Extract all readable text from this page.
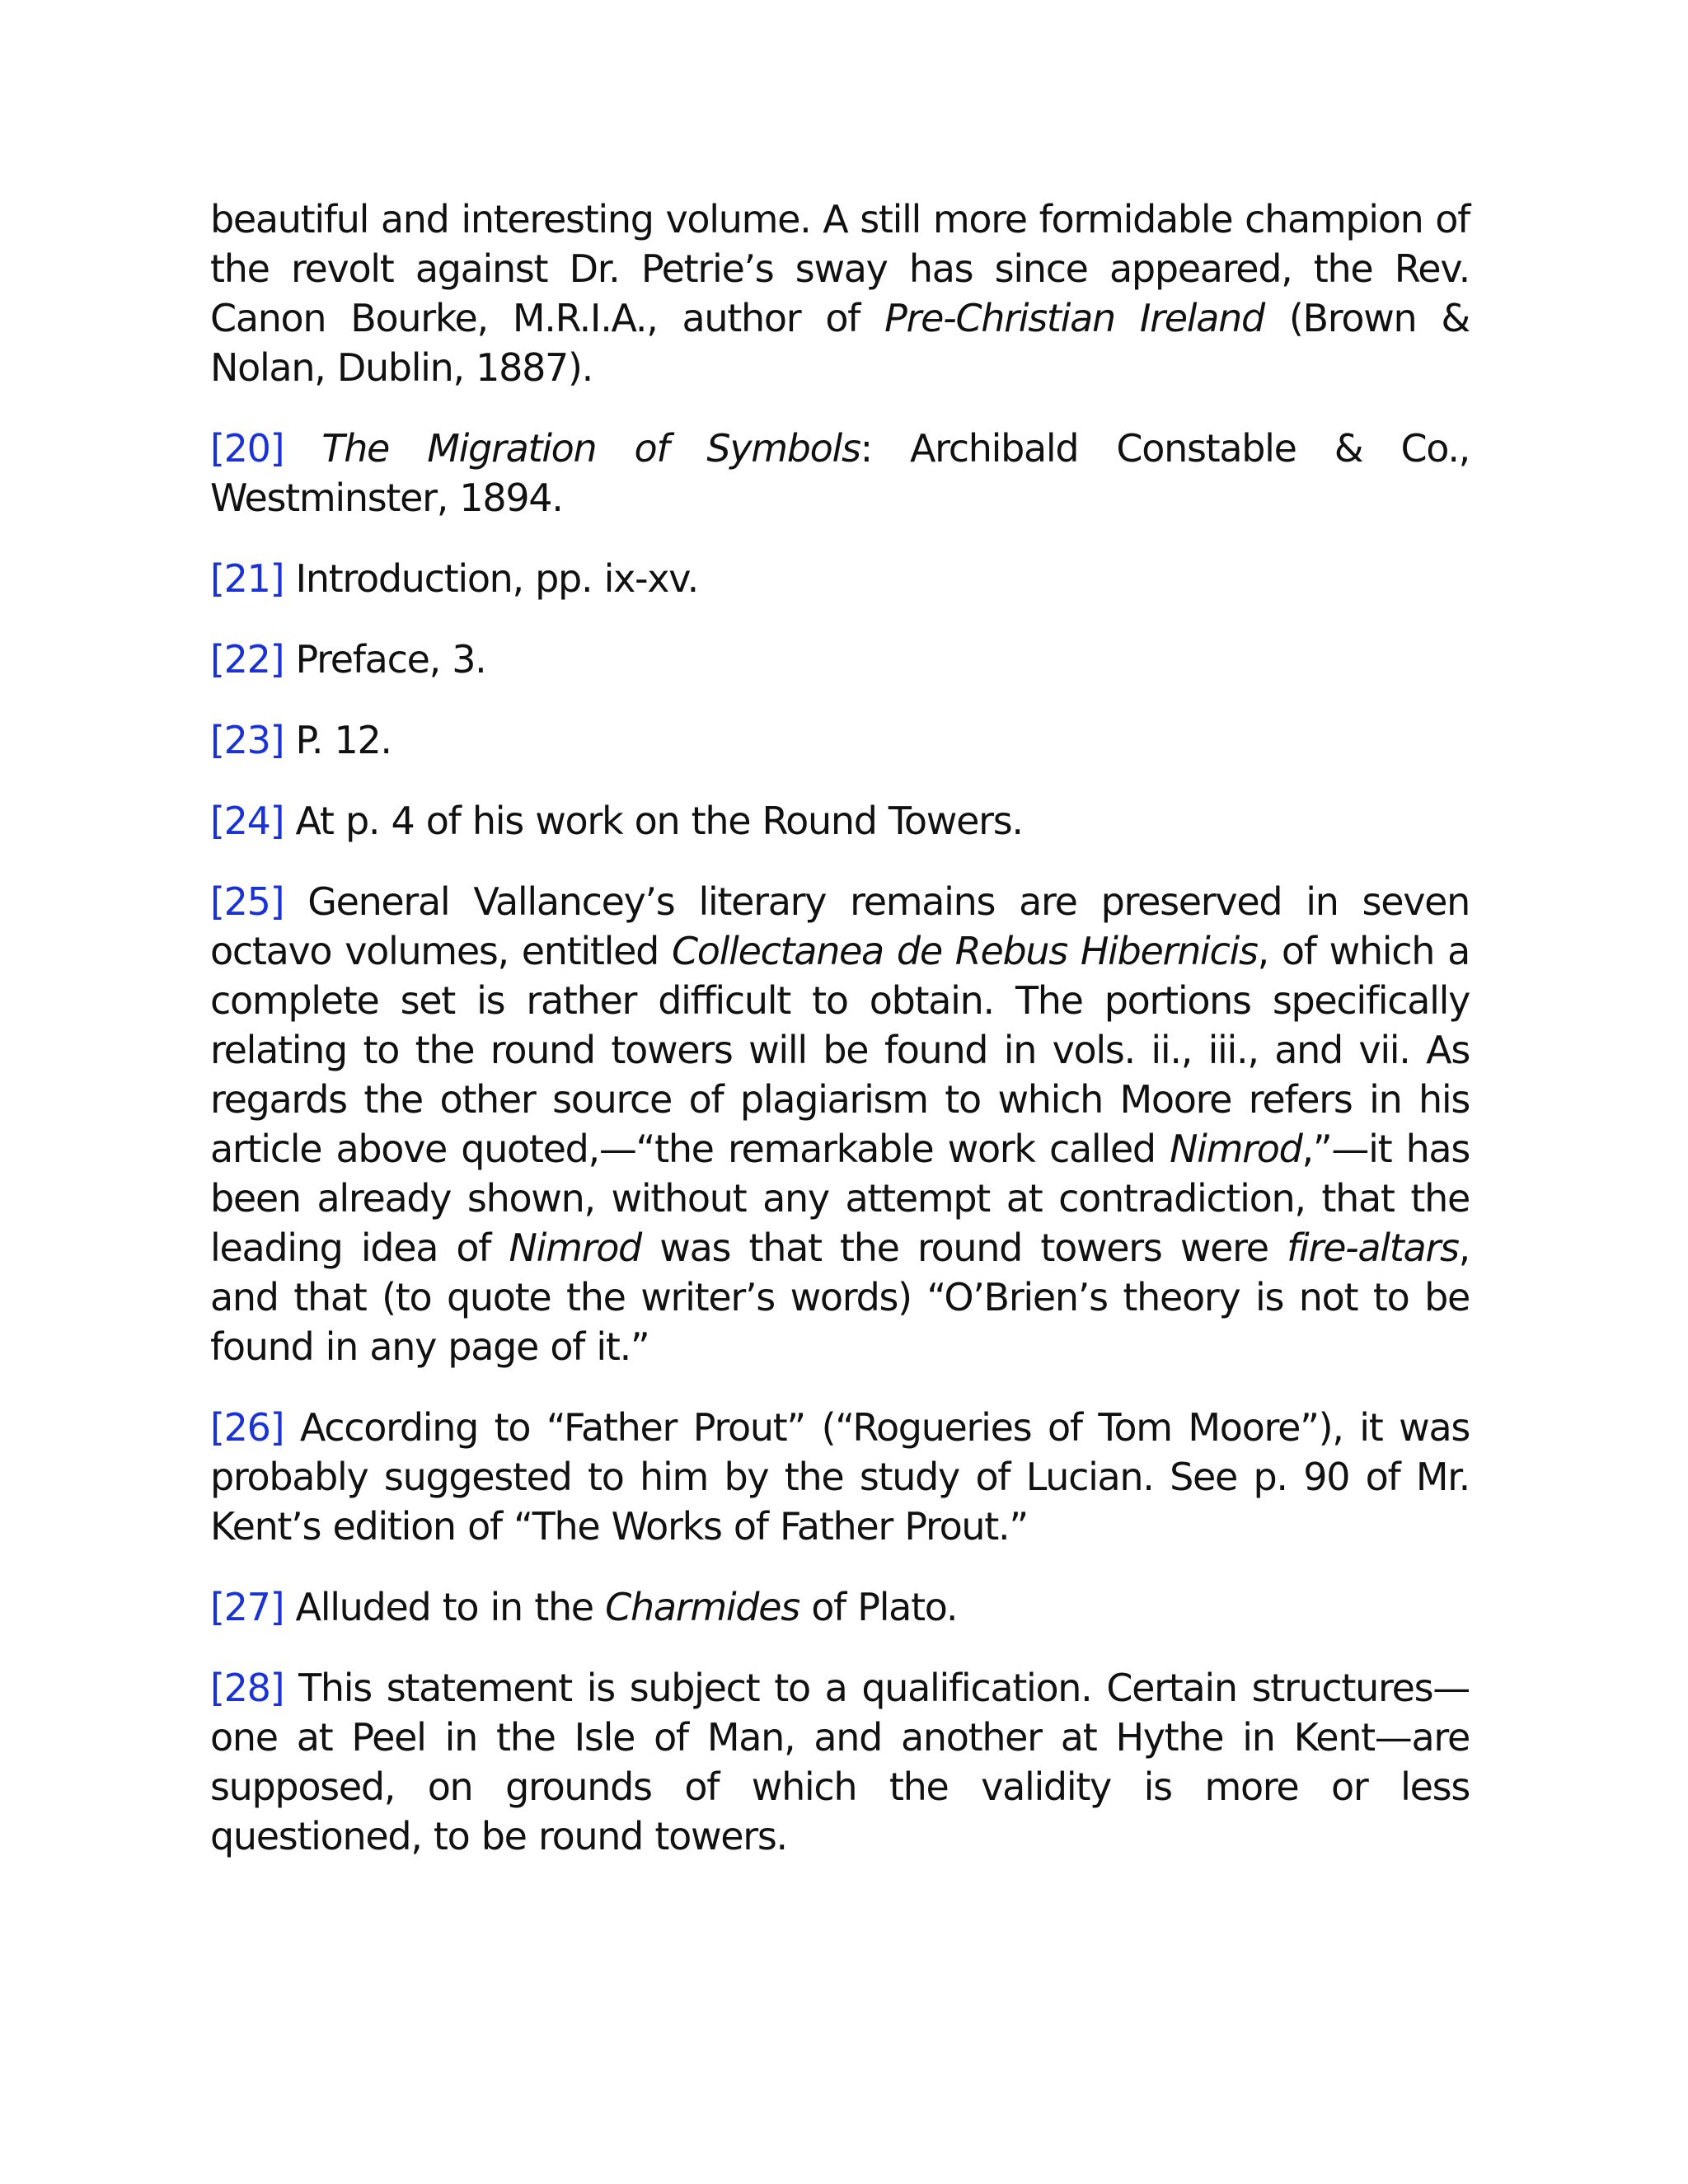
beautiful and interesting volume. A still more formidable champion of the revolt against Dr. Petrie’s sway has since appeared, the Rev. Canon Bourke, M.R.I.A., author of Pre-Christian Ireland (Brown & Nolan, Dublin, 1887).

[20] The Migration of Symbols: Archibald Constable & Co., Westminster, 1894.

[21] Introduction, pp. ix-xv.

[22] Preface, 3.

[23] P. 12.

[24] At p. 4 of his work on the Round Towers.

[25] General Vallancey’s literary remains are preserved in seven octavo volumes, entitled Collectanea de Rebus Hibernicis, of which a complete set is rather difficult to obtain. The portions specifically relating to the round towers will be found in vols. ii., iii., and vii. As regards the other source of plagiarism to which Moore refers in his article above quoted,—“the remarkable work called Nimrod,”—it has been already shown, without any attempt at contradiction, that the leading idea of Nimrod was that the round towers were fire-altars, and that (to quote the writer’s words) “O’Brien’s theory is not to be found in any page of it.”

[26] According to “Father Prout” (“Rogueries of Tom Moore”), it was probably suggested to him by the study of Lucian. See p. 90 of Mr. Kent’s edition of “The Works of Father Prout.”

[27] Alluded to in the Charmides of Plato.

[28] This statement is subject to a qualification. Certain structures—one at Peel in the Isle of Man, and another at Hythe in Kent—are supposed, on grounds of which the validity is more or less questioned, to be round towers.
